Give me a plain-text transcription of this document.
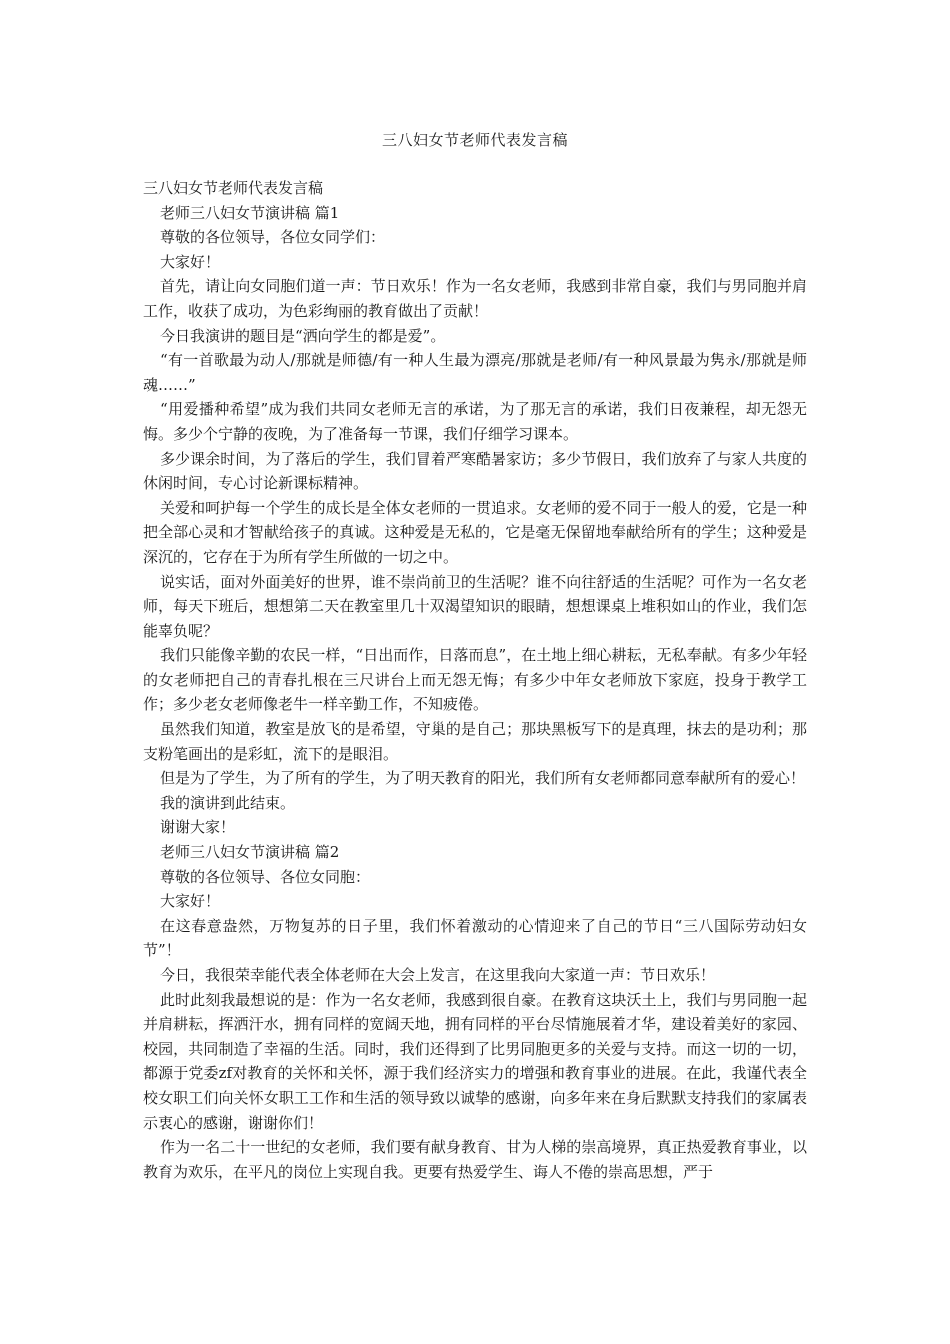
三八妇女节老师代表发言稿

三八妇女节老师代表发言稿

老师三八妇女节演讲稿 篇1

尊敬的各位领导，各位女同学们：

大家好！

首先，请让向女同胞们道一声：节日欢乐！作为一名女老师，我感到非常自豪，我们与男同胞并肩工作，收获了成功，为色彩绚丽的教育做出了贡献！

今日我演讲的题目是“洒向学生的都是爱”。

“有一首歌最为动人/那就是师德/有一种人生最为漂亮/那就是老师/有一种风景最为隽永/那就是师魂……”

“用爱播种希望”成为我们共同女老师无言的承诺，为了那无言的承诺，我们日夜兼程，却无怨无悔。多少个宁静的夜晚，为了准备每一节课，我们仔细学习课本。

多少课余时间，为了落后的学生，我们冒着严寒酷暑家访；多少节假日，我们放弃了与家人共度的休闲时间，专心讨论新课标精神。

关爱和呵护每一个学生的成长是全体女老师的一贯追求。女老师的爱不同于一般人的爱，它是一种把全部心灵和才智献给孩子的真诚。这种爱是无私的，它是毫无保留地奉献给所有的学生；这种爱是深沉的，它存在于为所有学生所做的一切之中。

说实话，面对外面美好的世界，谁不崇尚前卫的生活呢？谁不向往舒适的生活呢？可作为一名女老师，每天下班后，想想第二天在教室里几十双渴望知识的眼睛，想想课桌上堆积如山的作业，我们怎能辜负呢？

我们只能像辛勤的农民一样，“日出而作，日落而息”，在土地上细心耕耘，无私奉献。有多少年轻的女老师把自己的青春扎根在三尺讲台上而无怨无悔；有多少中年女老师放下家庭，投身于教学工作；多少老女老师像老牛一样辛勤工作，不知疲倦。

虽然我们知道，教室是放飞的是希望，守巢的是自己；那块黑板写下的是真理，抹去的是功利；那支粉笔画出的是彩虹，流下的是眼泪。

但是为了学生，为了所有的学生，为了明天教育的阳光，我们所有女老师都同意奉献所有的爱心！

我的演讲到此结束。

谢谢大家！

老师三八妇女节演讲稿 篇2

尊敬的各位领导、各位女同胞：

大家好！

在这春意盎然，万物复苏的日子里，我们怀着激动的心情迎来了自己的节日“三八国际劳动妇女节”！

今日，我很荣幸能代表全体老师在大会上发言，在这里我向大家道一声：节日欢乐！

此时此刻我最想说的是：作为一名女老师，我感到很自豪。在教育这块沃土上，我们与男同胞一起并肩耕耘，挥洒汗水，拥有同样的宽阔天地，拥有同样的平台尽情施展着才华，建设着美好的家园、校园，共同制造了幸福的生活。同时，我们还得到了比男同胞更多的关爱与支持。而这一切的一切，都源于党委zf对教育的关怀和关怀，源于我们经济实力的增强和教育事业的进展。在此，我谨代表全校女职工们向关怀女职工工作和生活的领导致以诚挚的感谢，向多年来在身后默默支持我们的家属表示衷心的感谢，谢谢你们！

作为一名二十一世纪的女老师，我们要有献身教育、甘为人梯的崇高境界，真正热爱教育事业，以教育为欢乐，在平凡的岗位上实现自我。更要有热爱学生、诲人不倦的崇高思想，严于
